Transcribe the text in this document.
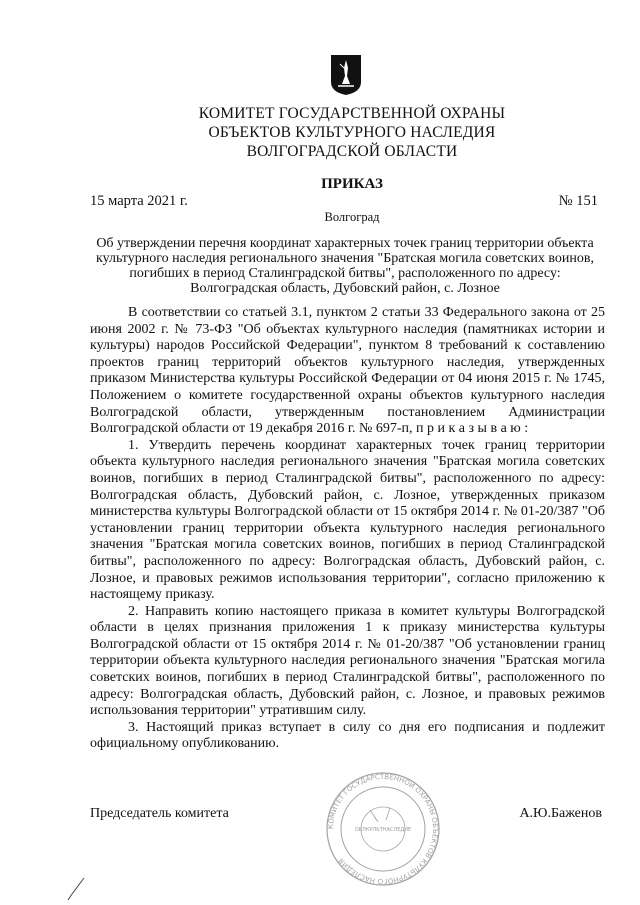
КОМИТЕТ ГОСУДАРСТВЕННОЙ ОХРАНЫ
ОБЪЕКТОВ КУЛЬТУРНОГО НАСЛЕДИЯ
ВОЛГОГРАДСКОЙ ОБЛАСТИ
ПРИКАЗ
15 марта 2021 г.	№ 151
Волгоград
Об утверждении перечня координат характерных точек границ территории объекта культурного наследия регионального значения "Братская могила советских воинов, погибших в период Сталинградской битвы", расположенного по адресу: Волгоградская область, Дубовский район, с. Лозное

В соответствии со статьей 3.1, пунктом 2 статьи 33 Федерального закона от 25 июня 2002 г. № 73-ФЗ "Об объектах культурного наследия (памятниках истории и культуры) народов Российской Федерации", пунктом 8 требований к составлению проектов границ территорий объектов культурного наследия, утвержденных приказом Министерства культуры Российской Федерации от 04 июня 2015 г. № 1745, Положением о комитете государственной охраны объектов культурного наследия Волгоградской области, утвержденным постановлением Администрации Волгоградской области от 19 декабря 2016 г. № 697-п, п р и к а з ы в а ю :

1. Утвердить перечень координат характерных точек границ территории объекта культурного наследия регионального значения "Братская могила советских воинов, погибших в период Сталинградской битвы", расположенного по адресу: Волгоградская область, Дубовский район, с. Лозное, утвержденных приказом министерства культуры Волгоградской области от 15 октября 2014 г. № 01-20/387 "Об установлении границ территории объекта культурного наследия регионального значения "Братская могила советских воинов, погибших в период Сталинградской битвы", расположенного по адресу: Волгоградская область, Дубовский район, с. Лозное, и правовых режимов использования территории", согласно приложению к настоящему приказу.

2. Направить копию настоящего приказа в комитет культуры Волгоградской области в целях признания приложения 1 к приказу министерства культуры Волгоградской области от 15 октября 2014 г. № 01-20/387 "Об установлении границ территории объекта культурного наследия регионального значения "Братская могила советских воинов, погибших в период Сталинградской битвы", расположенного по адресу: Волгоградская область, Дубовский район, с. Лозное, и правовых режимов использования территории" утратившим силу.

3. Настоящий приказ вступает в силу со дня его подписания и подлежит официальному опубликованию.

Председатель комитета	А.Ю.Баженов
КОМИТЕТ ГОСУДАРСТВЕННОЙ ОХРАНЫ ОБЪЕКТОВ КУЛЬТУРНОГО НАСЛЕДИЯ
ОБЛКУЛЬТНАСЛЕДИЕ
